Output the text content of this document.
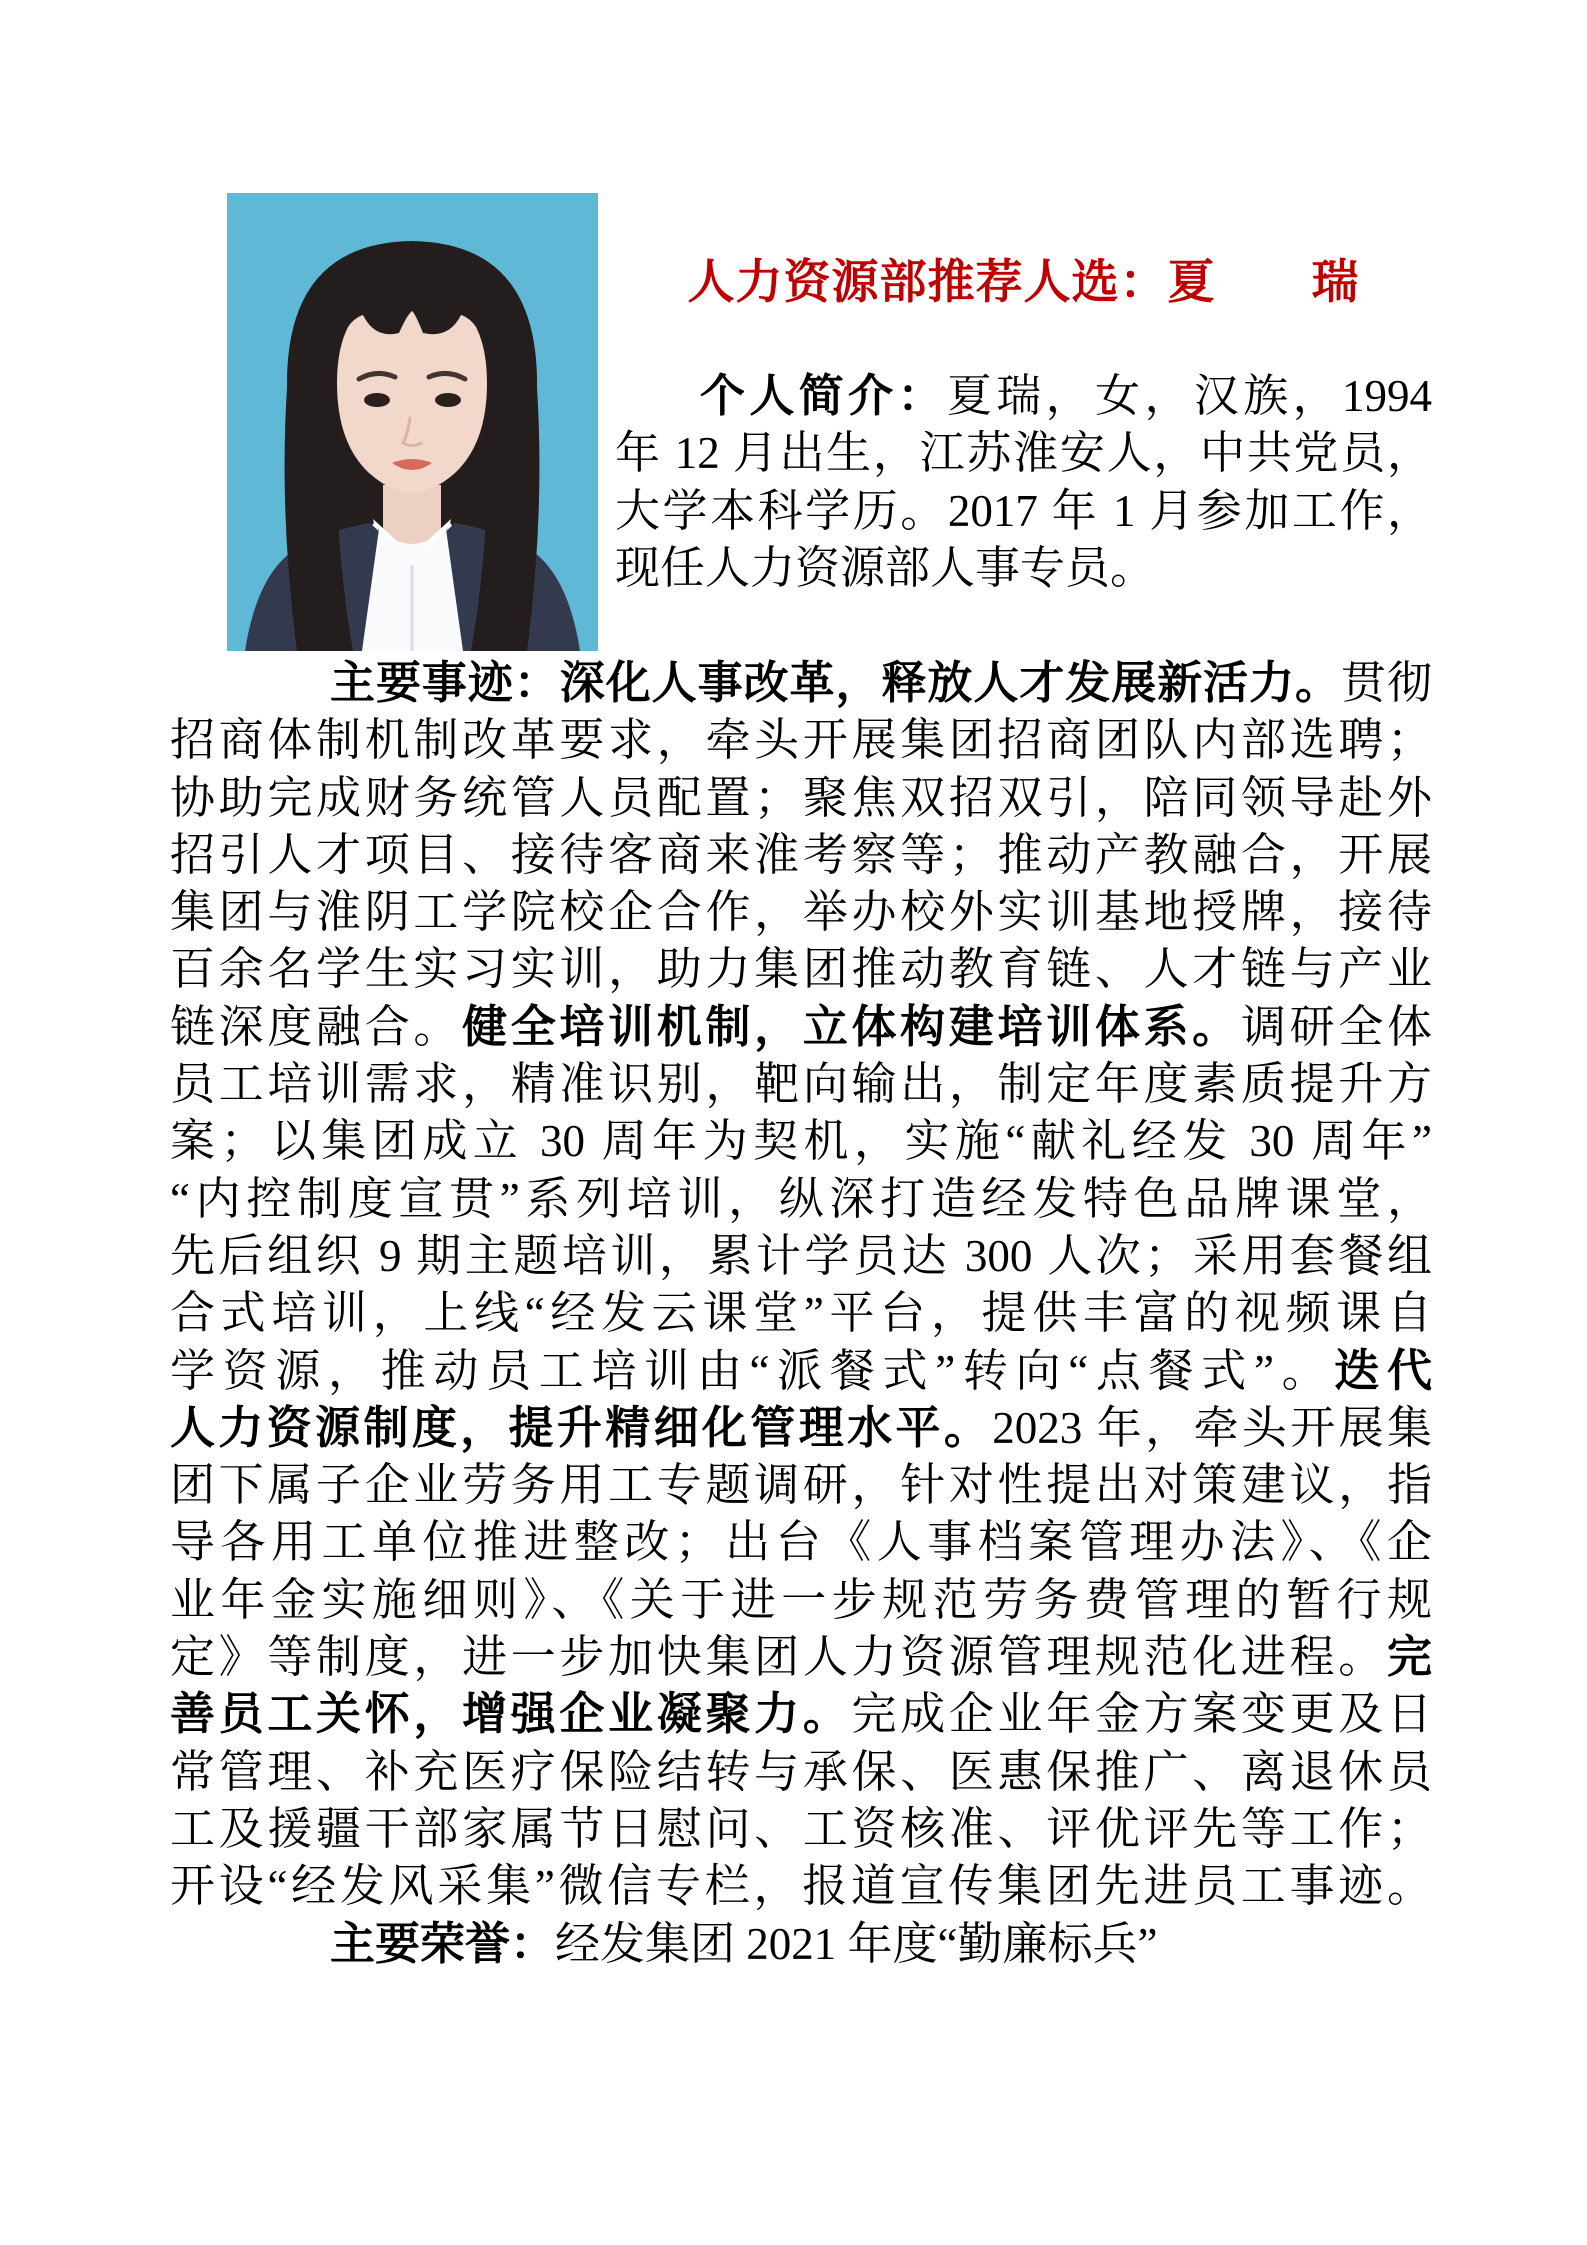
人力资源部推荐人选：夏　　瑞
个人简介：夏瑞，女，汉族，1994
年 12 月出生，江苏淮安人，中共党员，
大学本科学历。2017 年 1 月参加工作，
现任人力资源部人事专员。
主要事迹：深化人事改革，释放人才发展新活力。贯彻
招商体制机制改革要求，牵头开展集团招商团队内部选聘；
协助完成财务统管人员配置；聚焦双招双引，陪同领导赴外
招引人才项目、接待客商来淮考察等；推动产教融合，开展
集团与淮阴工学院校企合作，举办校外实训基地授牌，接待
百余名学生实习实训，助力集团推动教育链、人才链与产业
链深度融合。健全培训机制，立体构建培训体系。调研全体
员工培训需求，精准识别，靶向输出，制定年度素质提升方
案；以集团成立 30 周年为契机，实施“献礼经发 30 周年”
“内控制度宣贯”系列培训，纵深打造经发特色品牌课堂，
先后组织 9 期主题培训，累计学员达 300 人次；采用套餐组
合式培训，上线“经发云课堂”平台，提供丰富的视频课自
学资源，推动员工培训由“派餐式”转向“点餐式”。迭代
人力资源制度，提升精细化管理水平。2023 年，牵头开展集
团下属子企业劳务用工专题调研，针对性提出对策建议，指
导各用工单位推进整改；出台《人事档案管理办法》、《企
业年金实施细则》、《关于进一步规范劳务费管理的暂行规
定》等制度，进一步加快集团人力资源管理规范化进程。完
善员工关怀，增强企业凝聚力。完成企业年金方案变更及日
常管理、补充医疗保险结转与承保、医惠保推广、离退休员
工及援疆干部家属节日慰问、工资核准、评优评先等工作；
开设“经发风采集”微信专栏，报道宣传集团先进员工事迹。
主要荣誉：经发集团 2021 年度“勤廉标兵”
